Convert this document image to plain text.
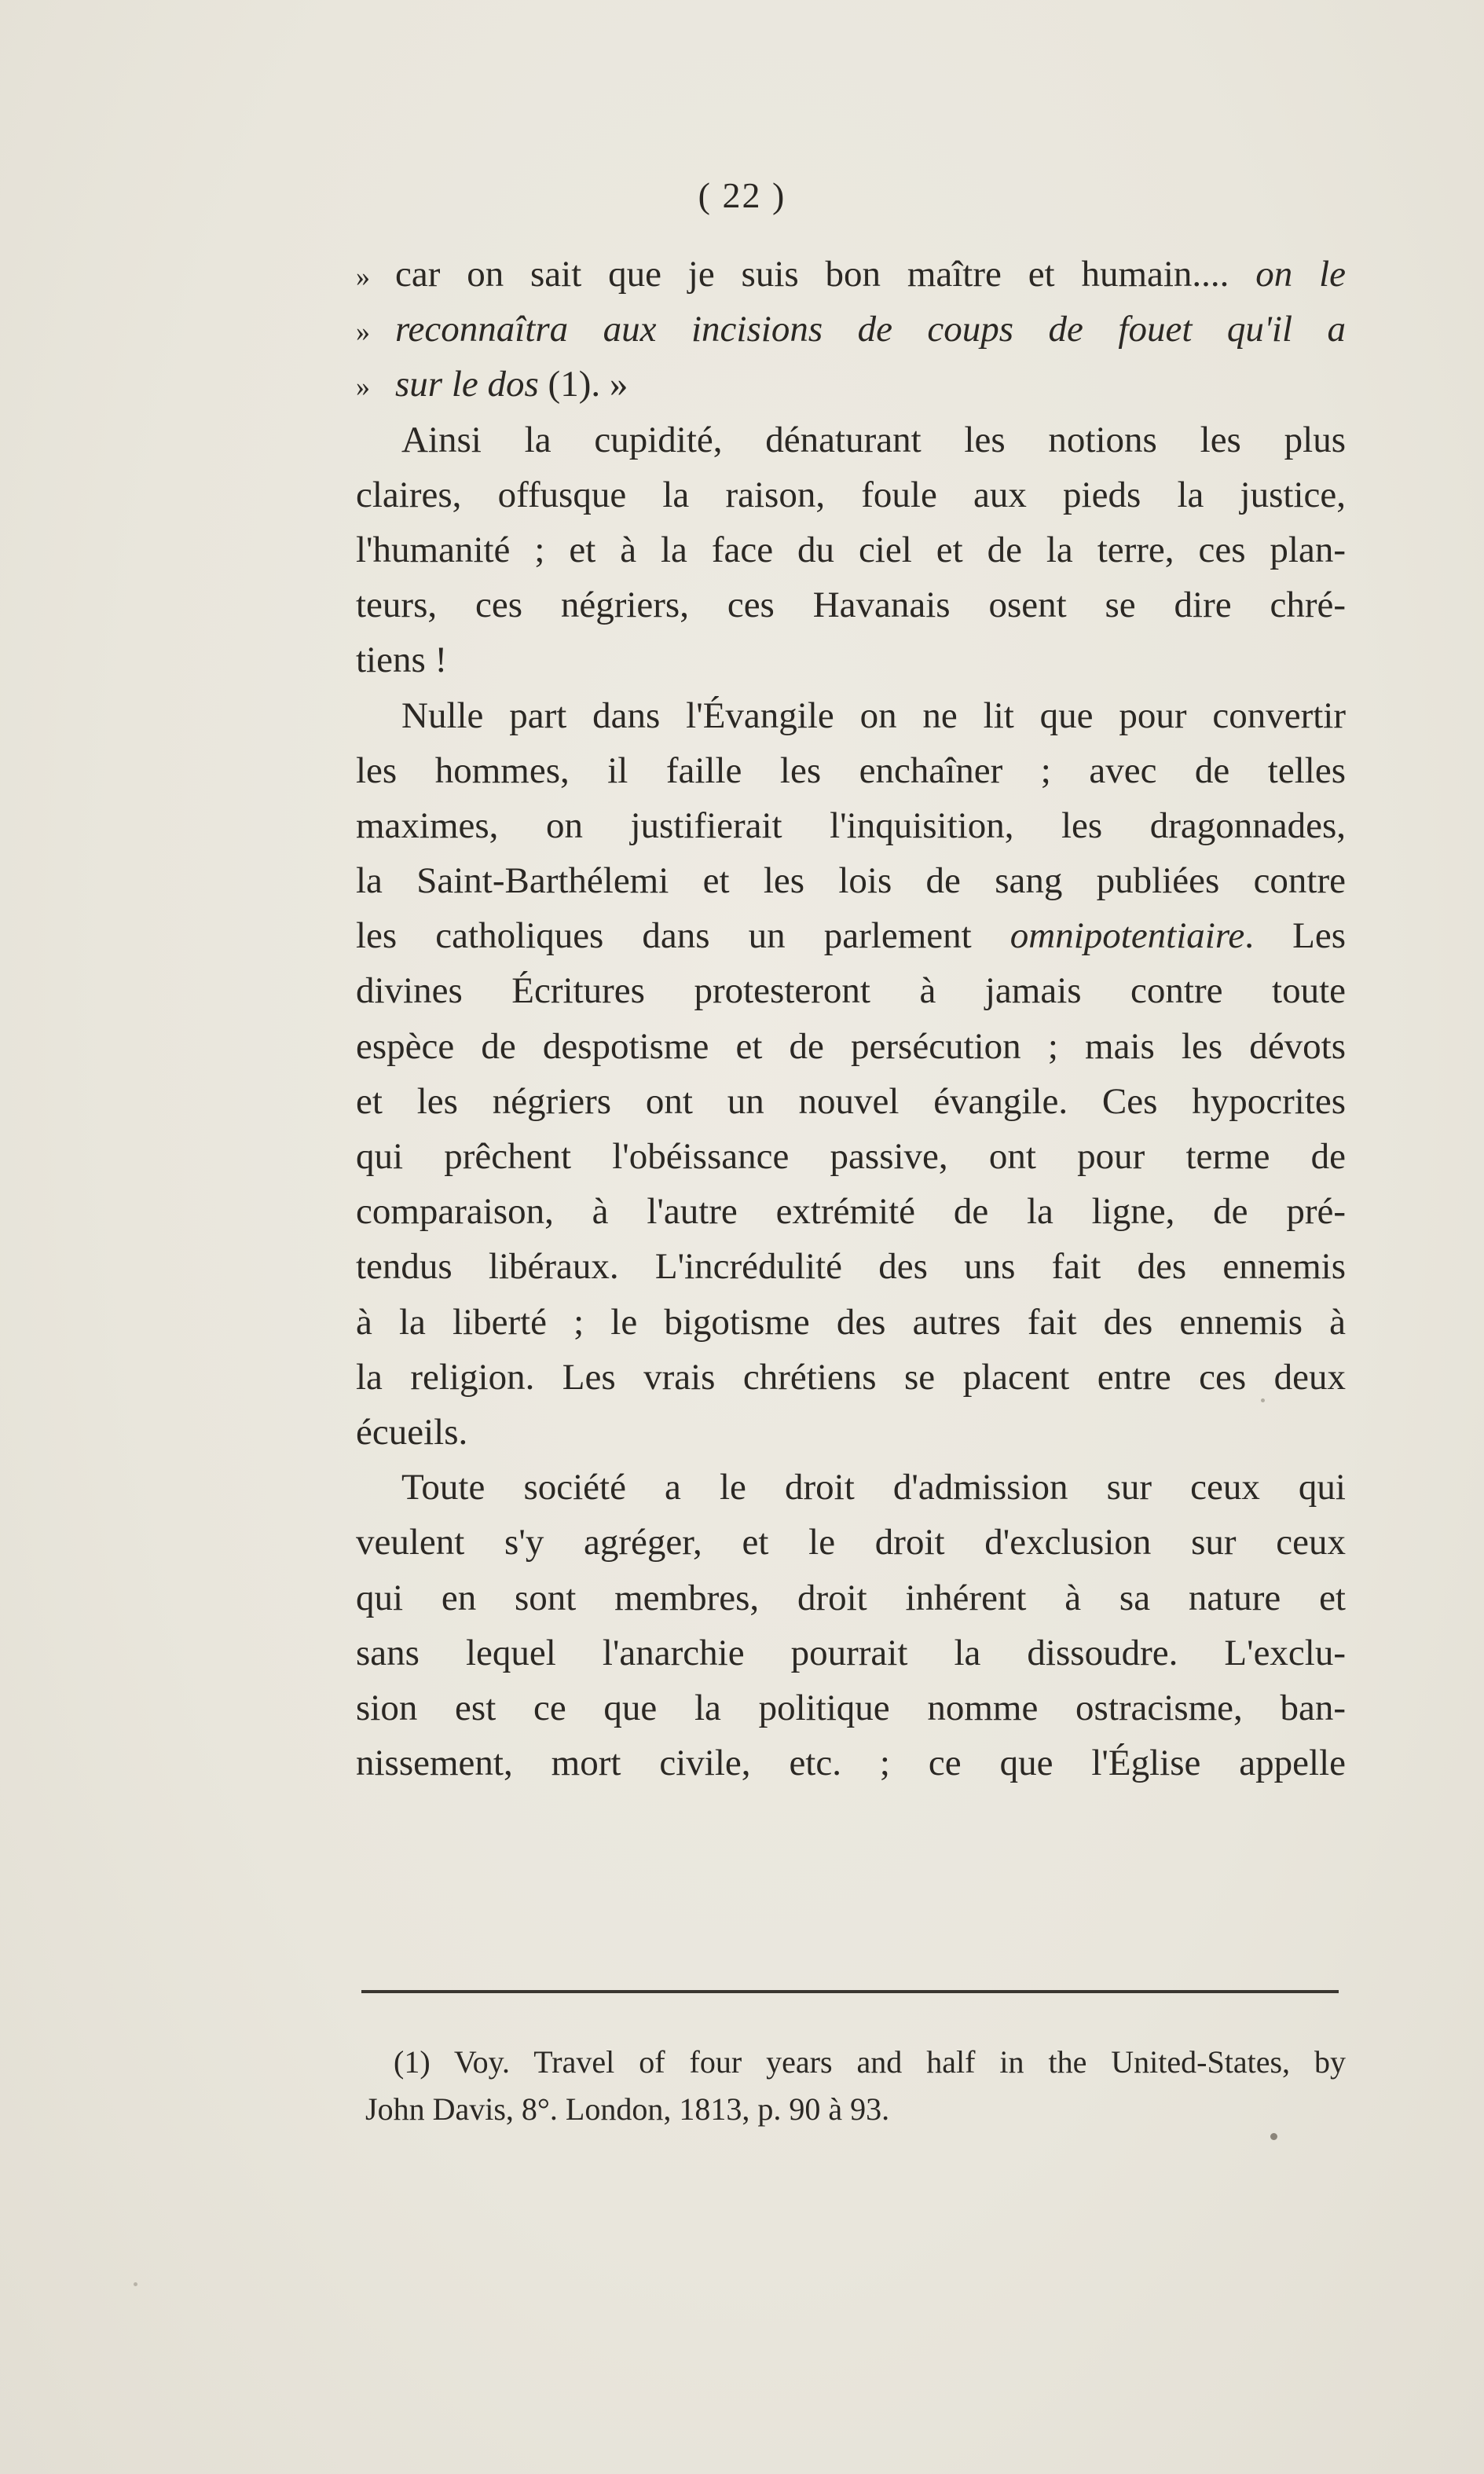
( 22 )
» car on sait que je suis bon maître et humain.... on le
» reconnaîtra aux incisions de coups de fouet qu'il a
» sur le dos (1). »
Ainsi la cupidité, dénaturant les notions les plus
claires, offusque la raison, foule aux pieds la justice,
l'humanité ; et à la face du ciel et de la terre, ces plan-
teurs, ces négriers, ces Havanais osent se dire chré-
tiens !
Nulle part dans l'Évangile on ne lit que pour convertir
les hommes, il faille les enchaîner ; avec de telles
maximes, on justifierait l'inquisition, les dragonnades,
la Saint-Barthélemi et les lois de sang publiées contre
les catholiques dans un parlement omnipotentiaire. Les
divines Écritures protesteront à jamais contre toute
espèce de despotisme et de persécution ; mais les dévots
et les négriers ont un nouvel évangile. Ces hypocrites
qui prêchent l'obéissance passive, ont pour terme de
comparaison, à l'autre extrémité de la ligne, de pré-
tendus libéraux. L'incrédulité des uns fait des ennemis
à la liberté ; le bigotisme des autres fait des ennemis à
la religion. Les vrais chrétiens se placent entre ces deux
écueils.
Toute société a le droit d'admission sur ceux qui
veulent s'y agréger, et le droit d'exclusion sur ceux
qui en sont membres, droit inhérent à sa nature et
sans lequel l'anarchie pourrait la dissoudre. L'exclu-
sion est ce que la politique nomme ostracisme, ban-
nissement, mort civile, etc. ; ce que l'Église appelle
(1) Voy. Travel of four years and half in the United-States, by
John Davis, 8°. London, 1813, p. 90 à 93.
